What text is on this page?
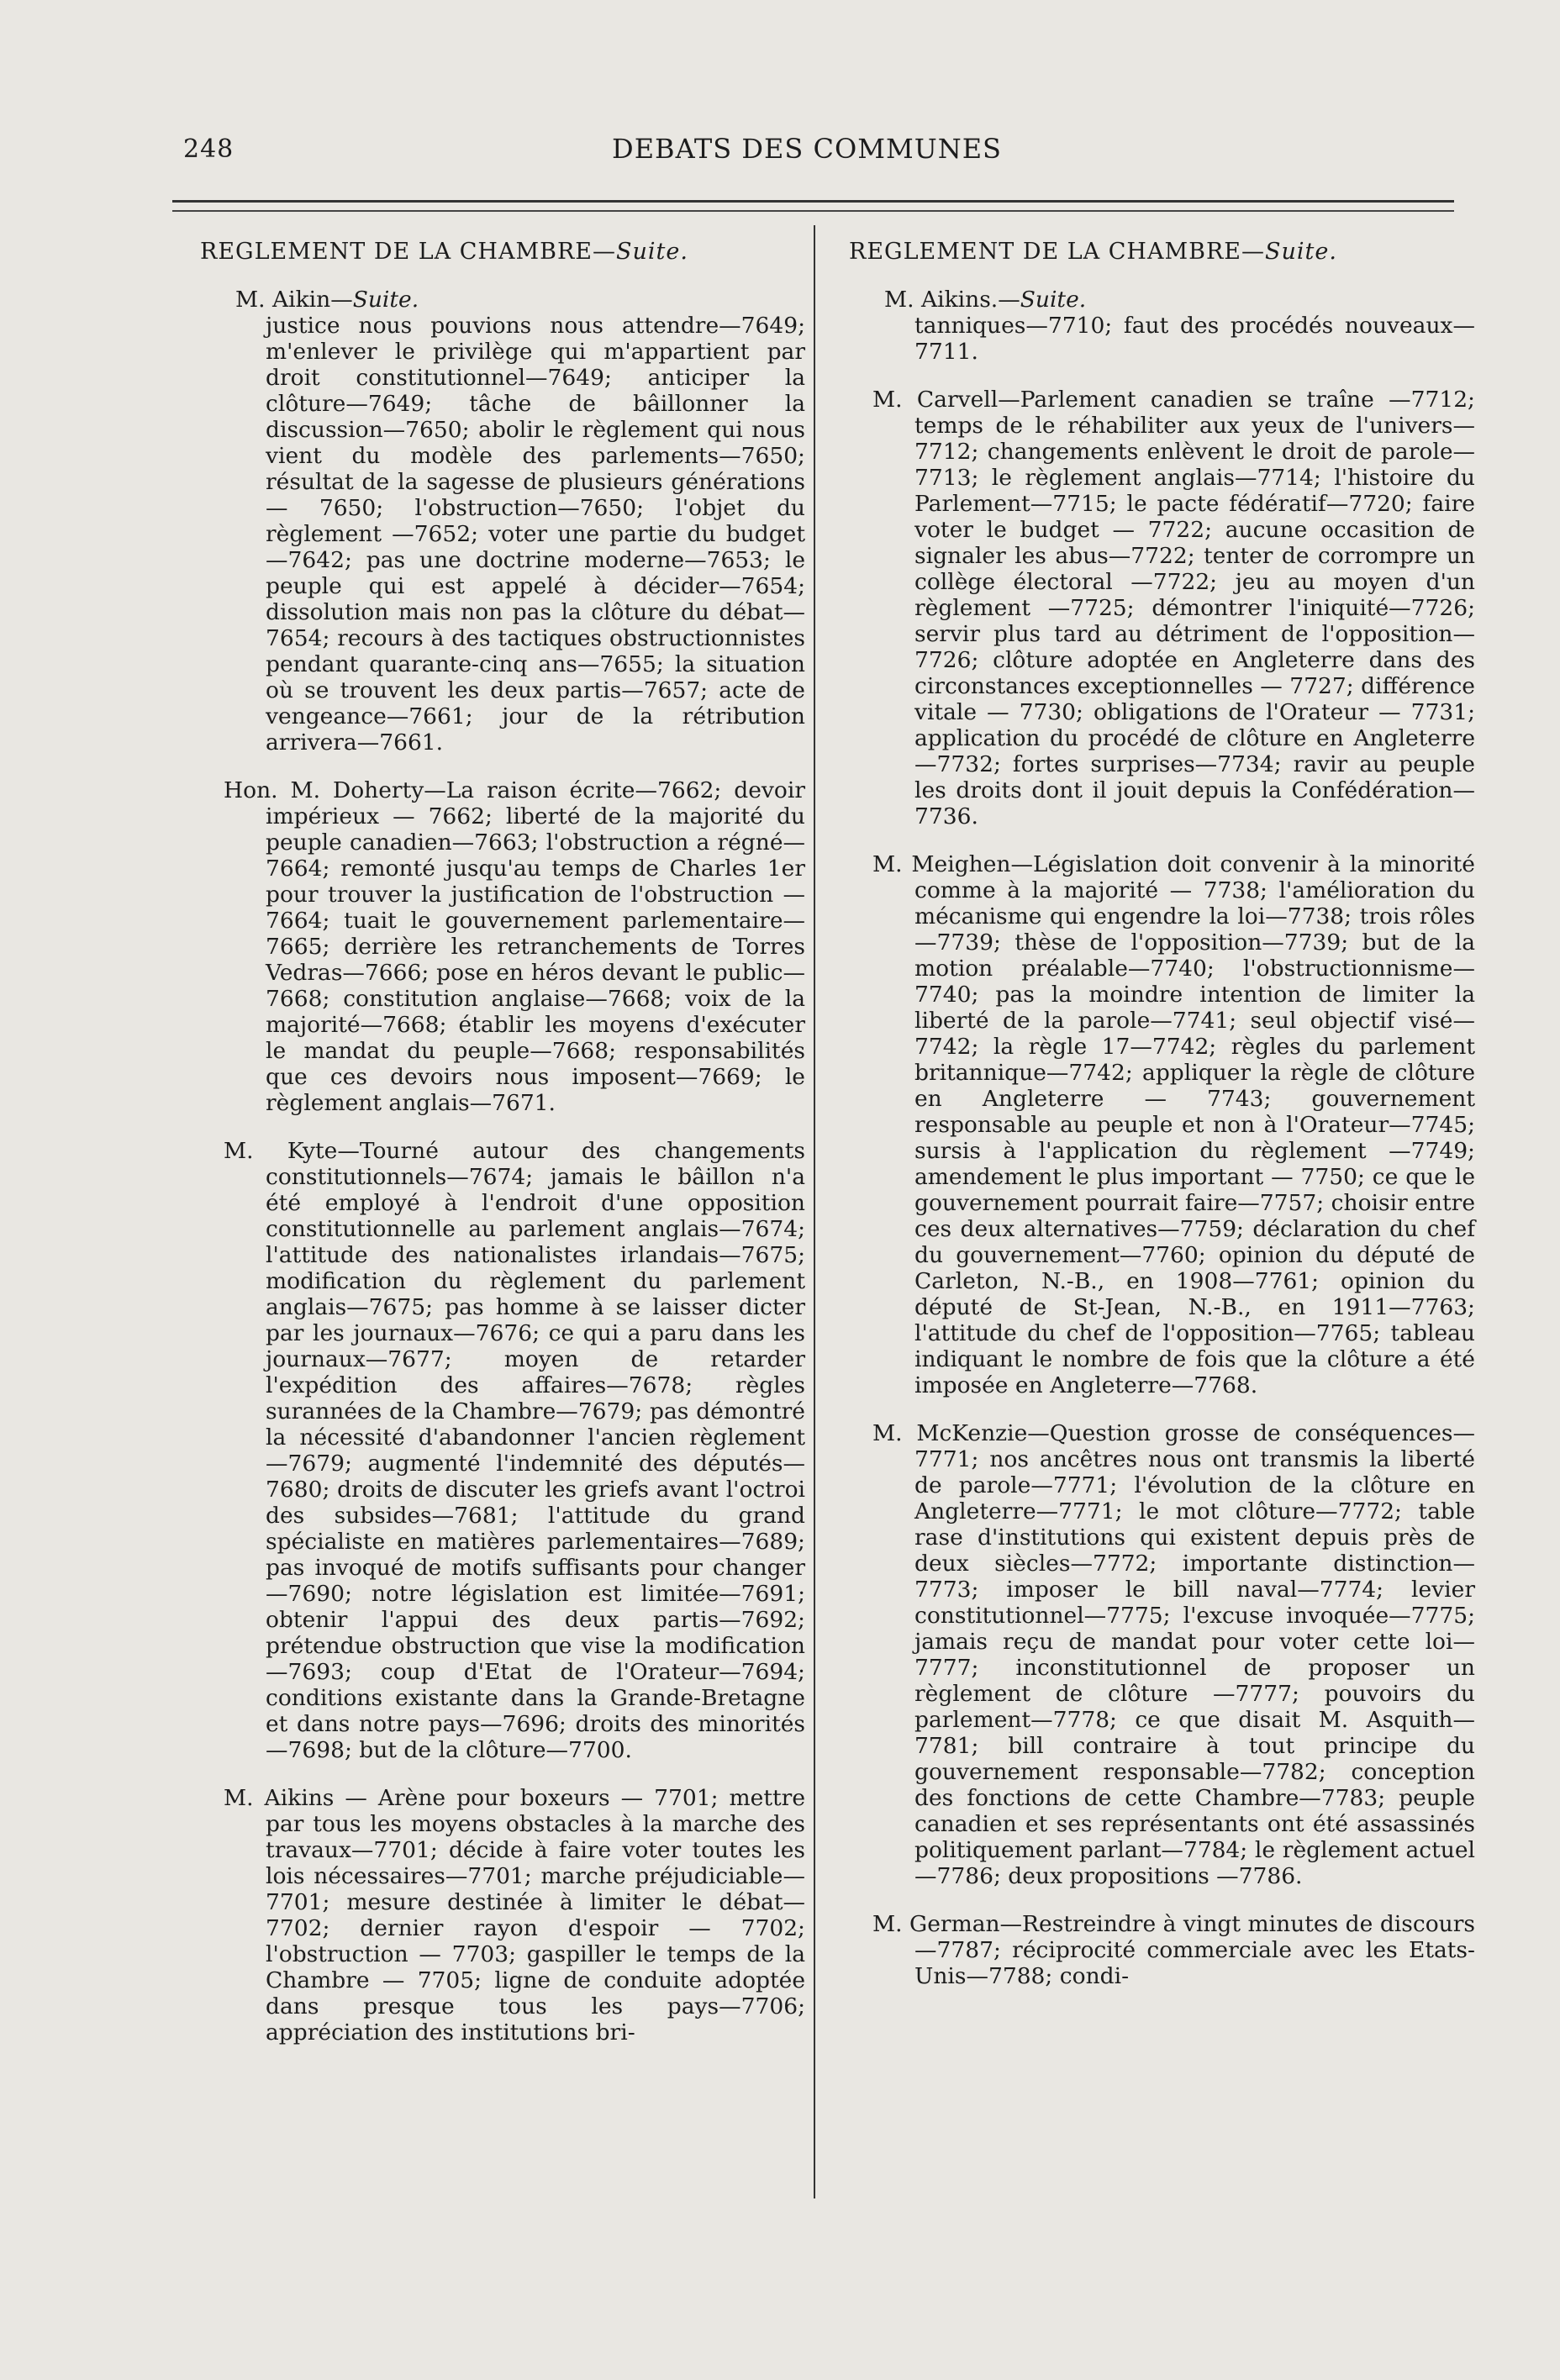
248	DEBATS DES COMMUNES
REGLEMENT DE LA CHAMBRE—Suite.
M. Aikin—Suite.

justice nous pouvions nous attendre—7649; m'enlever le privilège qui m'appartient par droit constitutionnel—7649; anticiper la clôture—7649; tâche de bâillonner la discussion—7650; abolir le règlement qui nous vient du modèle des parlements—7650; résultat de la sagesse de plusieurs générations — 7650; l'obstruction—7650; l'objet du règlement —7652; voter une partie du budget—7642; pas une doctrine moderne—7653; le peuple qui est appelé à décider—7654; dissolution mais non pas la clôture du débat—7654; recours à des tactiques obstructionnistes pendant quarante-cinq ans—7655; la situation où se trouvent les deux partis—7657; acte de vengeance—7661; jour de la rétribution arrivera—7661.

Hon. M. Doherty—La raison écrite—7662; devoir impérieux — 7662; liberté de la majorité du peuple canadien—7663; l'obstruction a régné—7664; remonté jusqu'au temps de Charles 1er pour trouver la justification de l'obstruction — 7664; tuait le gouvernement parlementaire—7665; derrière les retranchements de Torres Vedras—7666; pose en héros devant le public—7668; constitution anglaise—7668; voix de la majorité—7668; établir les moyens d'exécuter le mandat du peuple—7668; responsabilités que ces devoirs nous imposent—7669; le règlement anglais—7671.

M. Kyte—Tourné autour des changements constitutionnels—7674; jamais le bâillon n'a été employé à l'endroit d'une opposition constitutionnelle au parlement anglais—7674; l'attitude des nationalistes irlandais—7675; modification du règlement du parlement anglais—7675; pas homme à se laisser dicter par les journaux—7676; ce qui a paru dans les journaux—7677; moyen de retarder l'expédition des affaires—7678; règles surannées de la Chambre—7679; pas démontré la nécessité d'abandonner l'ancien règlement —7679; augmenté l'indemnité des députés—7680; droits de discuter les griefs avant l'octroi des subsides—7681; l'attitude du grand spécialiste en matières parlementaires—7689; pas invoqué de motifs suffisants pour changer—7690; notre législation est limitée—7691; obtenir l'appui des deux partis—7692; prétendue obstruction que vise la modification—7693; coup d'Etat de l'Orateur—7694; conditions existante dans la Grande-Bretagne et dans notre pays—7696; droits des minorités—7698; but de la clôture—7700.

M. Aikins — Arène pour boxeurs — 7701; mettre par tous les moyens obstacles à la marche des travaux—7701; décide à faire voter toutes les lois nécessaires—7701; marche préjudiciable—7701; mesure destinée à limiter le débat—7702; dernier rayon d'espoir — 7702; l'obstruction — 7703; gaspiller le temps de la Chambre — 7705; ligne de conduite adoptée dans presque tous les pays—7706; appréciation des institutions bri-

REGLEMENT DE LA CHAMBRE—Suite.
M. Aikins.—Suite.

tanniques—7710; faut des procédés nouveaux—7711.

M. Carvell—Parlement canadien se traîne —7712; temps de le réhabiliter aux yeux de l'univers—7712; changements enlèvent le droit de parole—7713; le règlement anglais—7714; l'histoire du Parlement—7715; le pacte fédératif—7720; faire voter le budget — 7722; aucune occasition de signaler les abus—7722; tenter de corrompre un collège électoral —7722; jeu au moyen d'un règlement —7725; démontrer l'iniquité—7726; servir plus tard au détriment de l'opposition—7726; clôture adoptée en Angleterre dans des circonstances exceptionnelles — 7727; différence vitale — 7730; obligations de l'Orateur — 7731; application du procédé de clôture en Angleterre—7732; fortes surprises—7734; ravir au peuple les droits dont il jouit depuis la Confédération—7736.

M. Meighen—Législation doit convenir à la minorité comme à la majorité — 7738; l'amélioration du mécanisme qui engendre la loi—7738; trois rôles—7739; thèse de l'opposition—7739; but de la motion préalable—7740; l'obstructionnisme—7740; pas la moindre intention de limiter la liberté de la parole—7741; seul objectif visé—7742; la règle 17—7742; règles du parlement britannique—7742; appliquer la règle de clôture en Angleterre — 7743; gouvernement responsable au peuple et non à l'Orateur—7745; sursis à l'application du règlement —7749; amendement le plus important — 7750; ce que le gouvernement pourrait faire—7757; choisir entre ces deux alternatives—7759; déclaration du chef du gouvernement—7760; opinion du député de Carleton, N.-B., en 1908—7761; opinion du député de St-Jean, N.-B., en 1911—7763; l'attitude du chef de l'opposition—7765; tableau indiquant le nombre de fois que la clôture a été imposée en Angleterre—7768.

M. McKenzie—Question grosse de conséquences—7771; nos ancêtres nous ont transmis la liberté de parole—7771; l'évolution de la clôture en Angleterre—7771; le mot clôture—7772; table rase d'institutions qui existent depuis près de deux siècles—7772; importante distinction—7773; imposer le bill naval—7774; levier constitutionnel—7775; l'excuse invoquée—7775; jamais reçu de mandat pour voter cette loi—7777; inconstitutionnel de proposer un règlement de clôture —7777; pouvoirs du parlement—7778; ce que disait M. Asquith—7781; bill contraire à tout principe du gouvernement responsable—7782; conception des fonctions de cette Chambre—7783; peuple canadien et ses représentants ont été assassinés politiquement parlant—7784; le règlement actuel—7786; deux propositions —7786.

M. German—Restreindre à vingt minutes de discours—7787; réciprocité commerciale avec les Etats-Unis—7788; condi-
